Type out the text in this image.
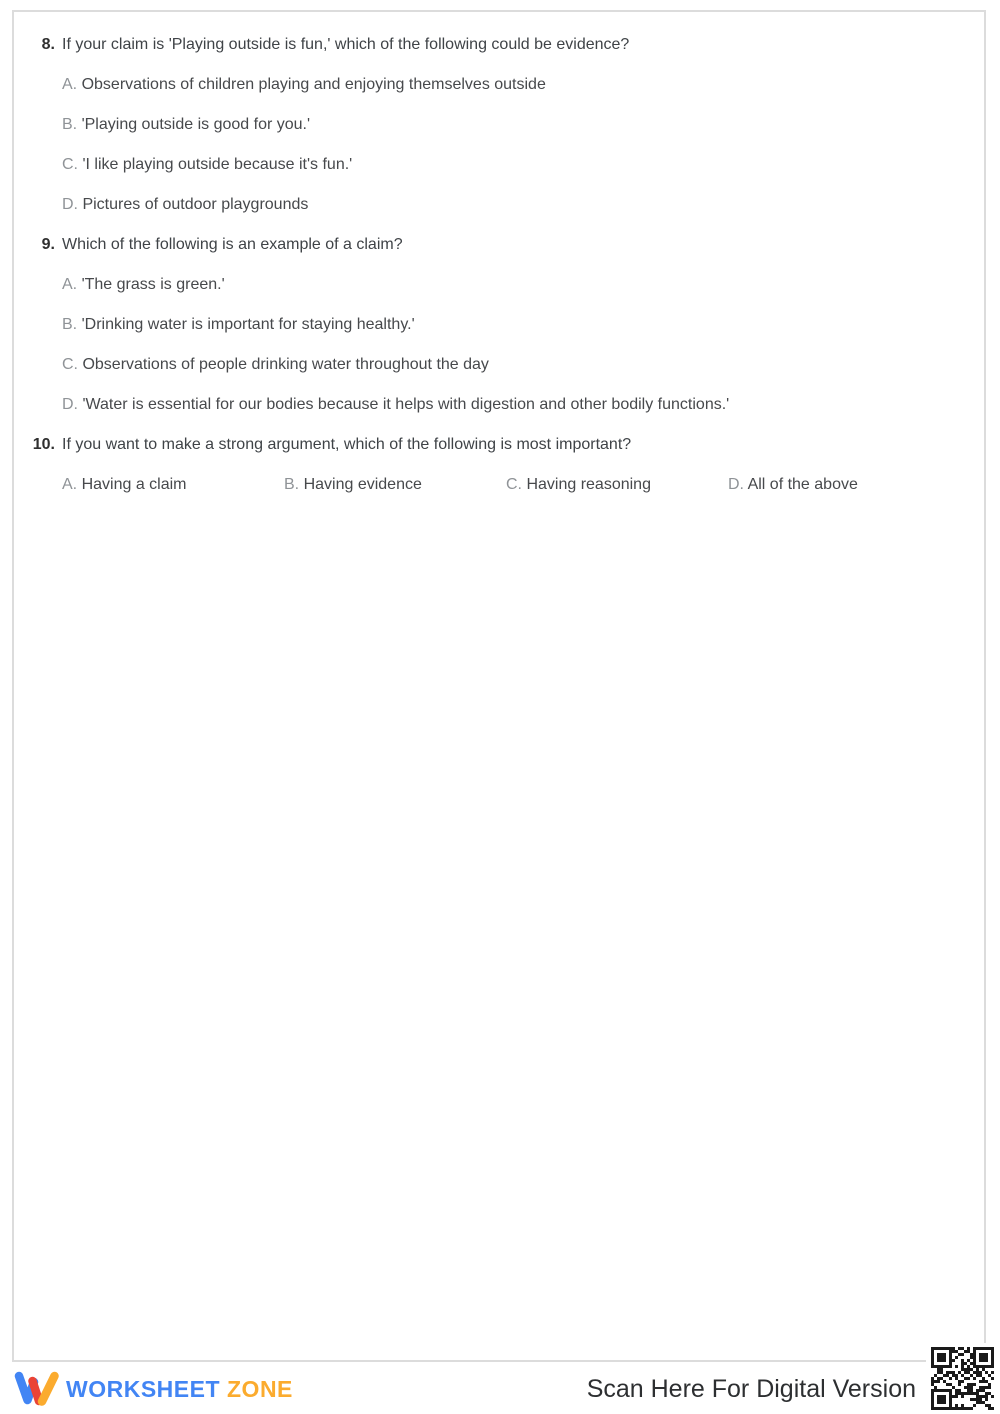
8. If your claim is 'Playing outside is fun,' which of the following could be evidence?
A. Observations of children playing and enjoying themselves outside
B. 'Playing outside is good for you.'
C. 'I like playing outside because it's fun.'
D. Pictures of outdoor playgrounds
9. Which of the following is an example of a claim?
A. 'The grass is green.'
B. 'Drinking water is important for staying healthy.'
C. Observations of people drinking water throughout the day
D. 'Water is essential for our bodies because it helps with digestion and other bodily functions.'
10. If you want to make a strong argument, which of the following is most important?
A. Having a claim	B. Having evidence	C. Having reasoning	D. All of the above
WORKSHEET ZONE	Scan Here For Digital Version
